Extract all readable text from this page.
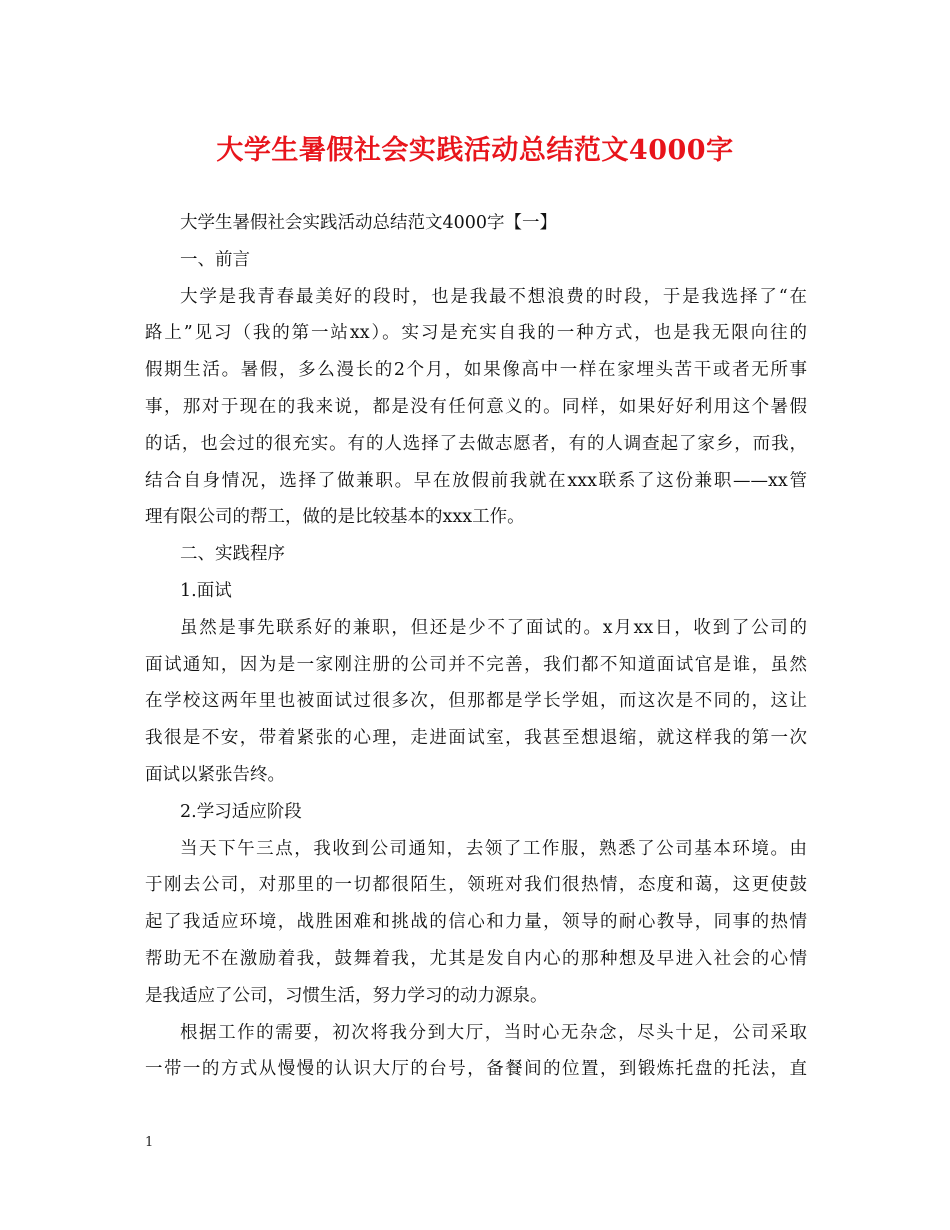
大学生暑假社会实践活动总结范文4000字
大学生暑假社会实践活动总结范文4000字【一】
一、前言
大学是我青春最美好的段时，也是我最不想浪费的时段，于是我选择了“在
路上”见习（我的第一站xx）。实习是充实自我的一种方式，也是我无限向往的
假期生活。暑假，多么漫长的2个月，如果像高中一样在家埋头苦干或者无所事
事，那对于现在的我来说，都是没有任何意义的。同样，如果好好利用这个暑假
的话，也会过的很充实。有的人选择了去做志愿者，有的人调查起了家乡，而我，
结合自身情况，选择了做兼职。早在放假前我就在xxx联系了这份兼职——xx管
理有限公司的帮工，做的是比较基本的xxx工作。
二、实践程序
1.面试
虽然是事先联系好的兼职，但还是少不了面试的。x月xx日，收到了公司的
面试通知，因为是一家刚注册的公司并不完善，我们都不知道面试官是谁，虽然
在学校这两年里也被面试过很多次，但那都是学长学姐，而这次是不同的，这让
我很是不安，带着紧张的心理，走进面试室，我甚至想退缩，就这样我的第一次
面试以紧张告终。
2.学习适应阶段
当天下午三点，我收到公司通知，去领了工作服，熟悉了公司基本环境。由
于刚去公司，对那里的一切都很陌生，领班对我们很热情，态度和蔼，这更使鼓
起了我适应环境，战胜困难和挑战的信心和力量，领导的耐心教导，同事的热情
帮助无不在激励着我，鼓舞着我，尤其是发自内心的那种想及早进入社会的心情
是我适应了公司，习惯生活，努力学习的动力源泉。
根据工作的需要，初次将我分到大厅，当时心无杂念，尽头十足，公司采取
一带一的方式从慢慢的认识大厅的台号，备餐间的位置，到锻炼托盘的托法，直
1
